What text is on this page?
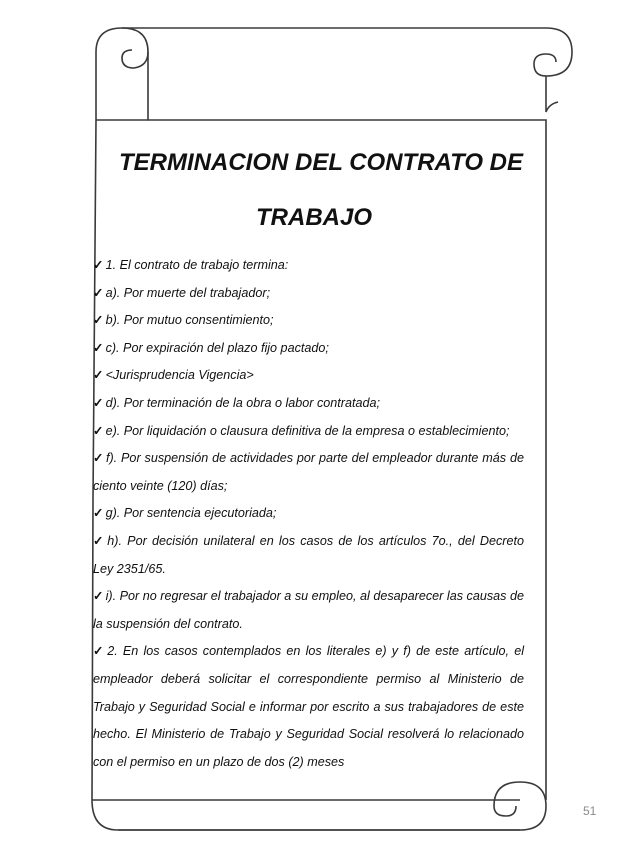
TERMINACION DEL CONTRATO DE
TRABAJO
✓ 1. El contrato de trabajo termina:
✓ a). Por muerte del trabajador;
✓ b). Por mutuo consentimiento;
✓ c). Por expiración del plazo fijo pactado;
✓ <Jurisprudencia Vigencia>
✓ d). Por terminación de la obra o labor contratada;
✓ e). Por liquidación o clausura definitiva de la empresa o establecimiento;
✓ f). Por suspensión de actividades por parte del empleador durante más de ciento veinte (120) días;
✓ g). Por sentencia ejecutoriada;
✓ h). Por decisión unilateral en los casos de los artículos 7o., del Decreto Ley 2351/65.
✓ i). Por no regresar el trabajador a su empleo, al desaparecer las causas de la suspensión del contrato.
✓ 2. En los casos contemplados en los literales e) y f) de este artículo, el empleador deberá solicitar el correspondiente permiso al Ministerio de Trabajo y Seguridad Social e informar por escrito a sus trabajadores de este hecho. El Ministerio de Trabajo y Seguridad Social resolverá lo relacionado con el permiso en un plazo de dos (2) meses
51
